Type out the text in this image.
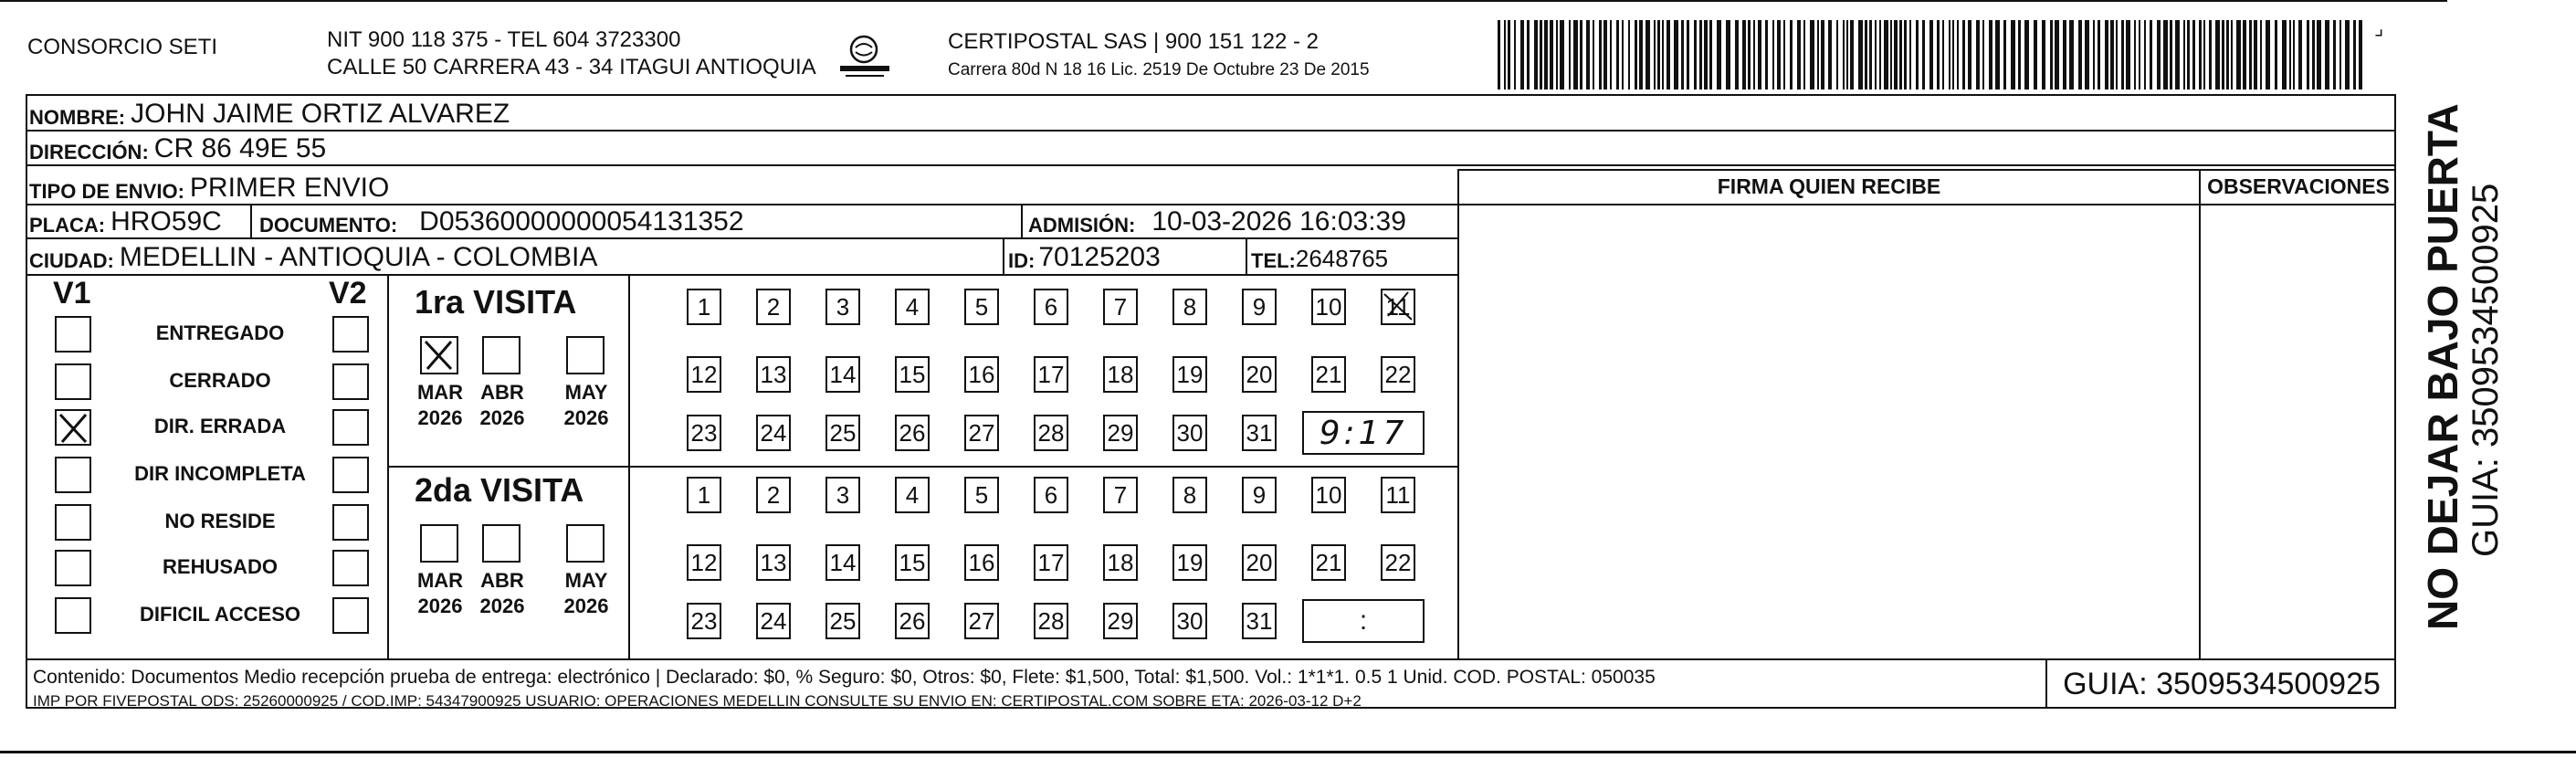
CONSORCIO SETI	NIT 900 118 375 - TEL 604 3723300
CALLE 50 CARRERA 43 - 34 ITAGUI ANTIOQUIA
CERTIPOSTAL SAS | 900 151 122 - 2
Carrera 80d N 18 16 Lic. 2519 De Octubre 23 De 2015
⌟
NOMBRE: JOHN JAIME ORTIZ ALVAREZ
DIRECCIÓN: CR 86 49E 55
TIPO DE ENVIO: PRIMER ENVIO
PLACA: HRO59C DOCUMENTO: D05360000000054131352	ADMISIÓN: 10-03-2026 16:03:39
CIUDAD: MEDELLIN - ANTIOQUIA - COLOMBIA	ID: 70125203	TEL: 2648765
FIRMA QUIEN RECIBE	OBSERVACIONES
V1	V2
ENTREGADO
CERRADO
DIR. ERRADA
DIR INCOMPLETA
NO RESIDE
REHUSADO
DIFICIL ACCESO
1ra VISITA
MAR
2026
ABR
2026
MAY
2026
1	2	3	4	5	6	7	8	9	10 11
12 13 14 15 16 17 18 19 20 21 22
23 24 25 26 27 28 29 30 31 9:17
2da VISITA
MAR
2026
ABR
2026
MAY
2026
1	2	3	4	5	6	7	8	9	10 11
12 13 14 15 16 17 18 19 20 21 22
23 24 25 26 27 28 29 30 31	:
Contenido: Documentos Medio recepción prueba de entrega: electrónico | Declarado: $0, % Seguro: $0, Otros: $0, Flete: $1,500, Total: $1,500. Vol.: 1*1*1. 0.5 1 Unid. COD. POSTAL: 050035
IMP POR FIVEPOSTAL ODS: 25260000925 / COD.IMP: 54347900925 USUARIO: OPERACIONES MEDELLIN CONSULTE SU ENVIO EN: CERTIPOSTAL.COM SOBRE ETA: 2026-03-12 D+2	GUIA: 3509534500925
NO DEJAR BAJO PUERTA GUIA: 3509534500925
